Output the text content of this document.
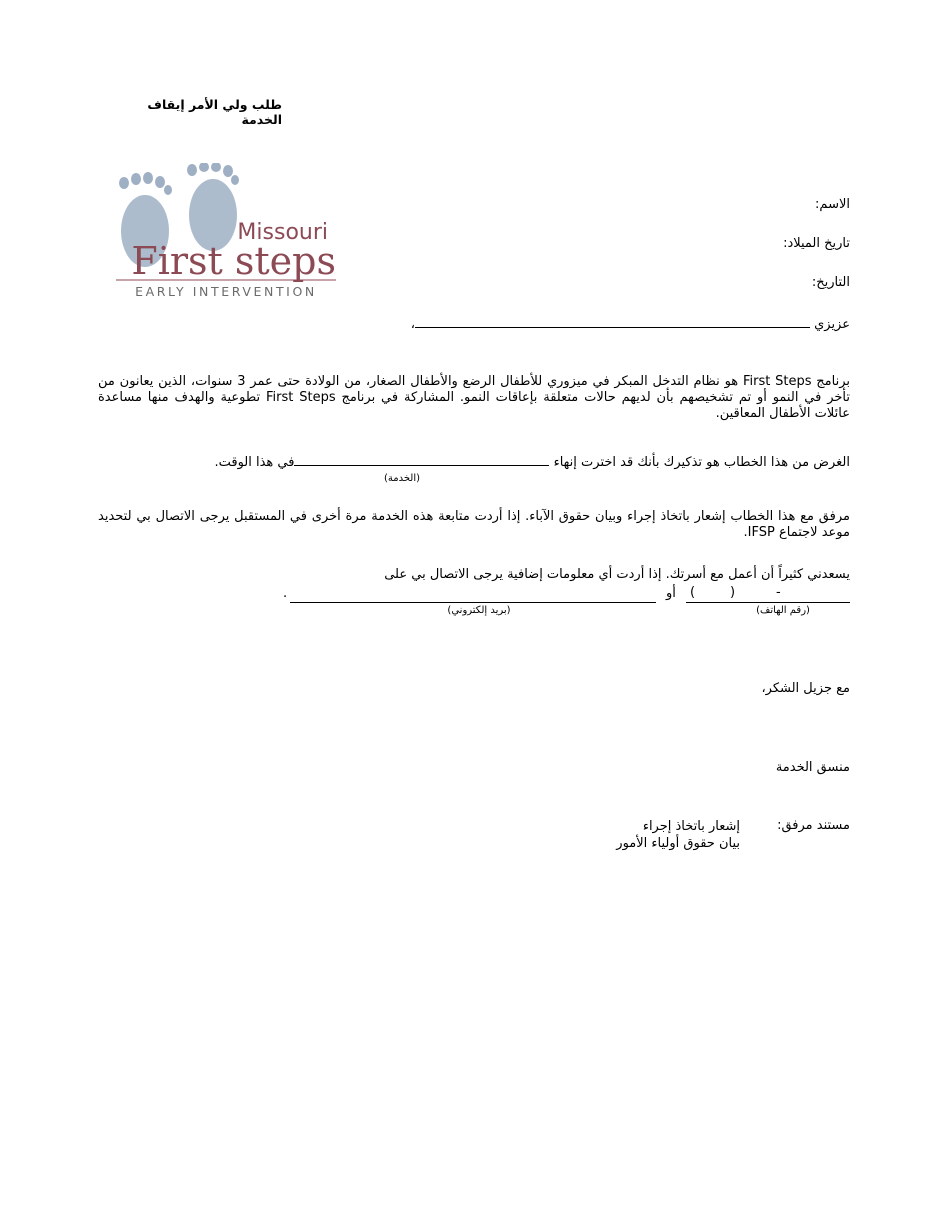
طلب ولي الأمر إيقاف الخدمة
Missouri
First steps
EARLY INTERVENTION
الاسم:
تاريخ الميلاد:
التاريخ:
عزيزي ،
برنامج First Steps هو نظام التدخل المبكر في ميزوري للأطفال الرضع والأطفال الصغار، من الولادة حتى عمر 3 سنوات، الذين يعانون من تأخر في النمو أو تم تشخيصهم بأن لديهم حالات متعلقة بإعاقات النمو. المشاركة في برنامج First Steps تطوعية والهدف منها مساعدة عائلات الأطفال المعاقين.
الغرض من هذا الخطاب هو تذكيرك بأنك قد اخترت إنهاء في هذا الوقت.
(الخدمة)
مرفق مع هذا الخطاب إشعار باتخاذ إجراء وبيان حقوق الآباء. إذا أردت متابعة هذه الخدمة مرة أخرى في المستقبل يرجى الاتصال بي لتحديد موعد لاجتماع IFSP.
يسعدني كثيراً أن أعمل مع أسرتك. إذا أردت أي معلومات إضافية يرجى الاتصال بي على
(	)	-
أو
.
(رقم الهاتف)
(بريد إلكتروني)
مع جزيل الشكر،
منسق الخدمة
مستند مرفق:
إشعار باتخاذ إجراء
بيان حقوق أولياء الأمور
